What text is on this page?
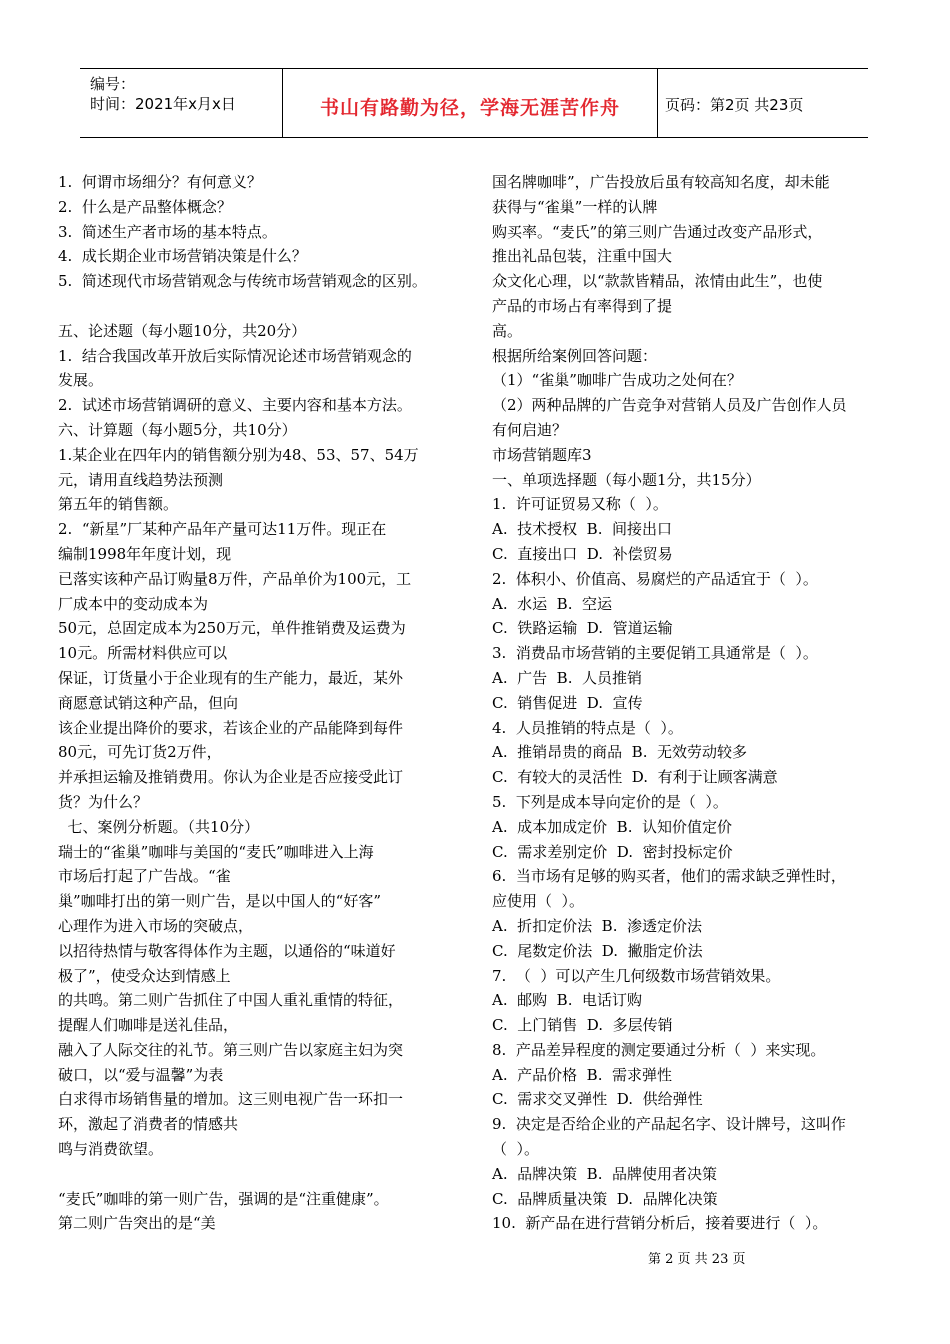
编号：
时间：2021年x月x日	书山有路勤为径，学海无涯苦作舟	页码：第2页 共23页
1.  何谓市场细分？有何意义？
2.  什么是产品整体概念？
3.  简述生产者市场的基本特点。
4.  成长期企业市场营销决策是什么？
5.  简述现代市场营销观念与传统市场营销观念的区别。
五、论述题（每小题10分，共20分）
1.  结合我国改革开放后实际情况论述市场营销观念的
发展。
2.  试述市场营销调研的意义、主要内容和基本方法。
六、计算题（每小题5分，共10分）
1.某企业在四年内的销售额分别为48、53、57、54万
元，请用直线趋势法预测
第五年的销售额。
2.  “新星”厂某种产品年产量可达11万件。现正在
编制1998年年度计划，现
已落实该种产品订购量8万件，产品单价为100元，工
厂成本中的变动成本为
50元，总固定成本为250万元，单件推销费及运费为
10元。所需材料供应可以
保证，订货量小于企业现有的生产能力，最近，某外
商愿意试销这种产品，但向
该企业提出降价的要求，若该企业的产品能降到每件
80元，可先订货2万件，
并承担运输及推销费用。你认为企业是否应接受此订
货？为什么？
七、案例分析题。（共10分）
瑞士的“雀巢”咖啡与美国的“麦氏”咖啡进入上海
市场后打起了广告战。“雀
巢”咖啡打出的第一则广告，是以中国人的“好客”
心理作为进入市场的突破点，
以招待热情与敬客得体作为主题，以通俗的“味道好
极了”，使受众达到情感上
的共鸣。第二则广告抓住了中国人重礼重情的特征，
提醒人们咖啡是送礼佳品，
融入了人际交往的礼节。第三则广告以家庭主妇为突
破口，以“爱与温馨”为表
白求得市场销售量的增加。这三则电视广告一环扣一
环，激起了消费者的情感共
鸣与消费欲望。
“麦氏”咖啡的第一则广告，强调的是“注重健康”。
第二则广告突出的是“美
国名牌咖啡”，广告投放后虽有较高知名度，却未能
获得与“雀巢”一样的认牌
购买率。“麦氏”的第三则广告通过改变产品形式，
推出礼品包装，注重中国大
众文化心理，以“款款皆精品，浓情由此生”，也使
产品的市场占有率得到了提
高。
根据所给案例回答问题：
（1）“雀巢”咖啡广告成功之处何在？
（2）两种品牌的广告竞争对营销人员及广告创作人员
有何启迪？
市场营销题库3
一、单项选择题（每小题1分，共15分）
1.  许可证贸易又称（  ）。
A.  技术授权  B.  间接出口
C.  直接出口  D.  补偿贸易
2.  体积小、价值高、易腐烂的产品适宜于（  ）。
A.  水运  B.  空运
C.  铁路运输  D.  管道运输
3.  消费品市场营销的主要促销工具通常是（  ）。
A.  广告  B.  人员推销
C.  销售促进  D.  宣传
4.  人员推销的特点是（  ）。
A.  推销昂贵的商品  B.  无效劳动较多
C.  有较大的灵活性  D.  有利于让顾客满意
5.  下列是成本导向定价的是（  ）。
A.  成本加成定价  B.  认知价值定价
C.  需求差别定价  D.  密封投标定价
6.  当市场有足够的购买者，他们的需求缺乏弹性时，
应使用（  ）。
A.  折扣定价法  B.  渗透定价法
C.  尾数定价法  D.  撇脂定价法
7.  （  ）可以产生几何级数市场营销效果。
A.  邮购  B.  电话订购
C.  上门销售  D.  多层传销
8.  产品差异程度的测定要通过分析（  ）来实现。
A.  产品价格  B.  需求弹性
C.  需求交叉弹性  D.  供给弹性
9.  决定是否给企业的产品起名字、设计牌号，这叫作
（  ）。
A.  品牌决策  B.  品牌使用者决策
C.  品牌质量决策  D.  品牌化决策
10.  新产品在进行营销分析后，接着要进行（  ）。
第 2 页 共 23 页
